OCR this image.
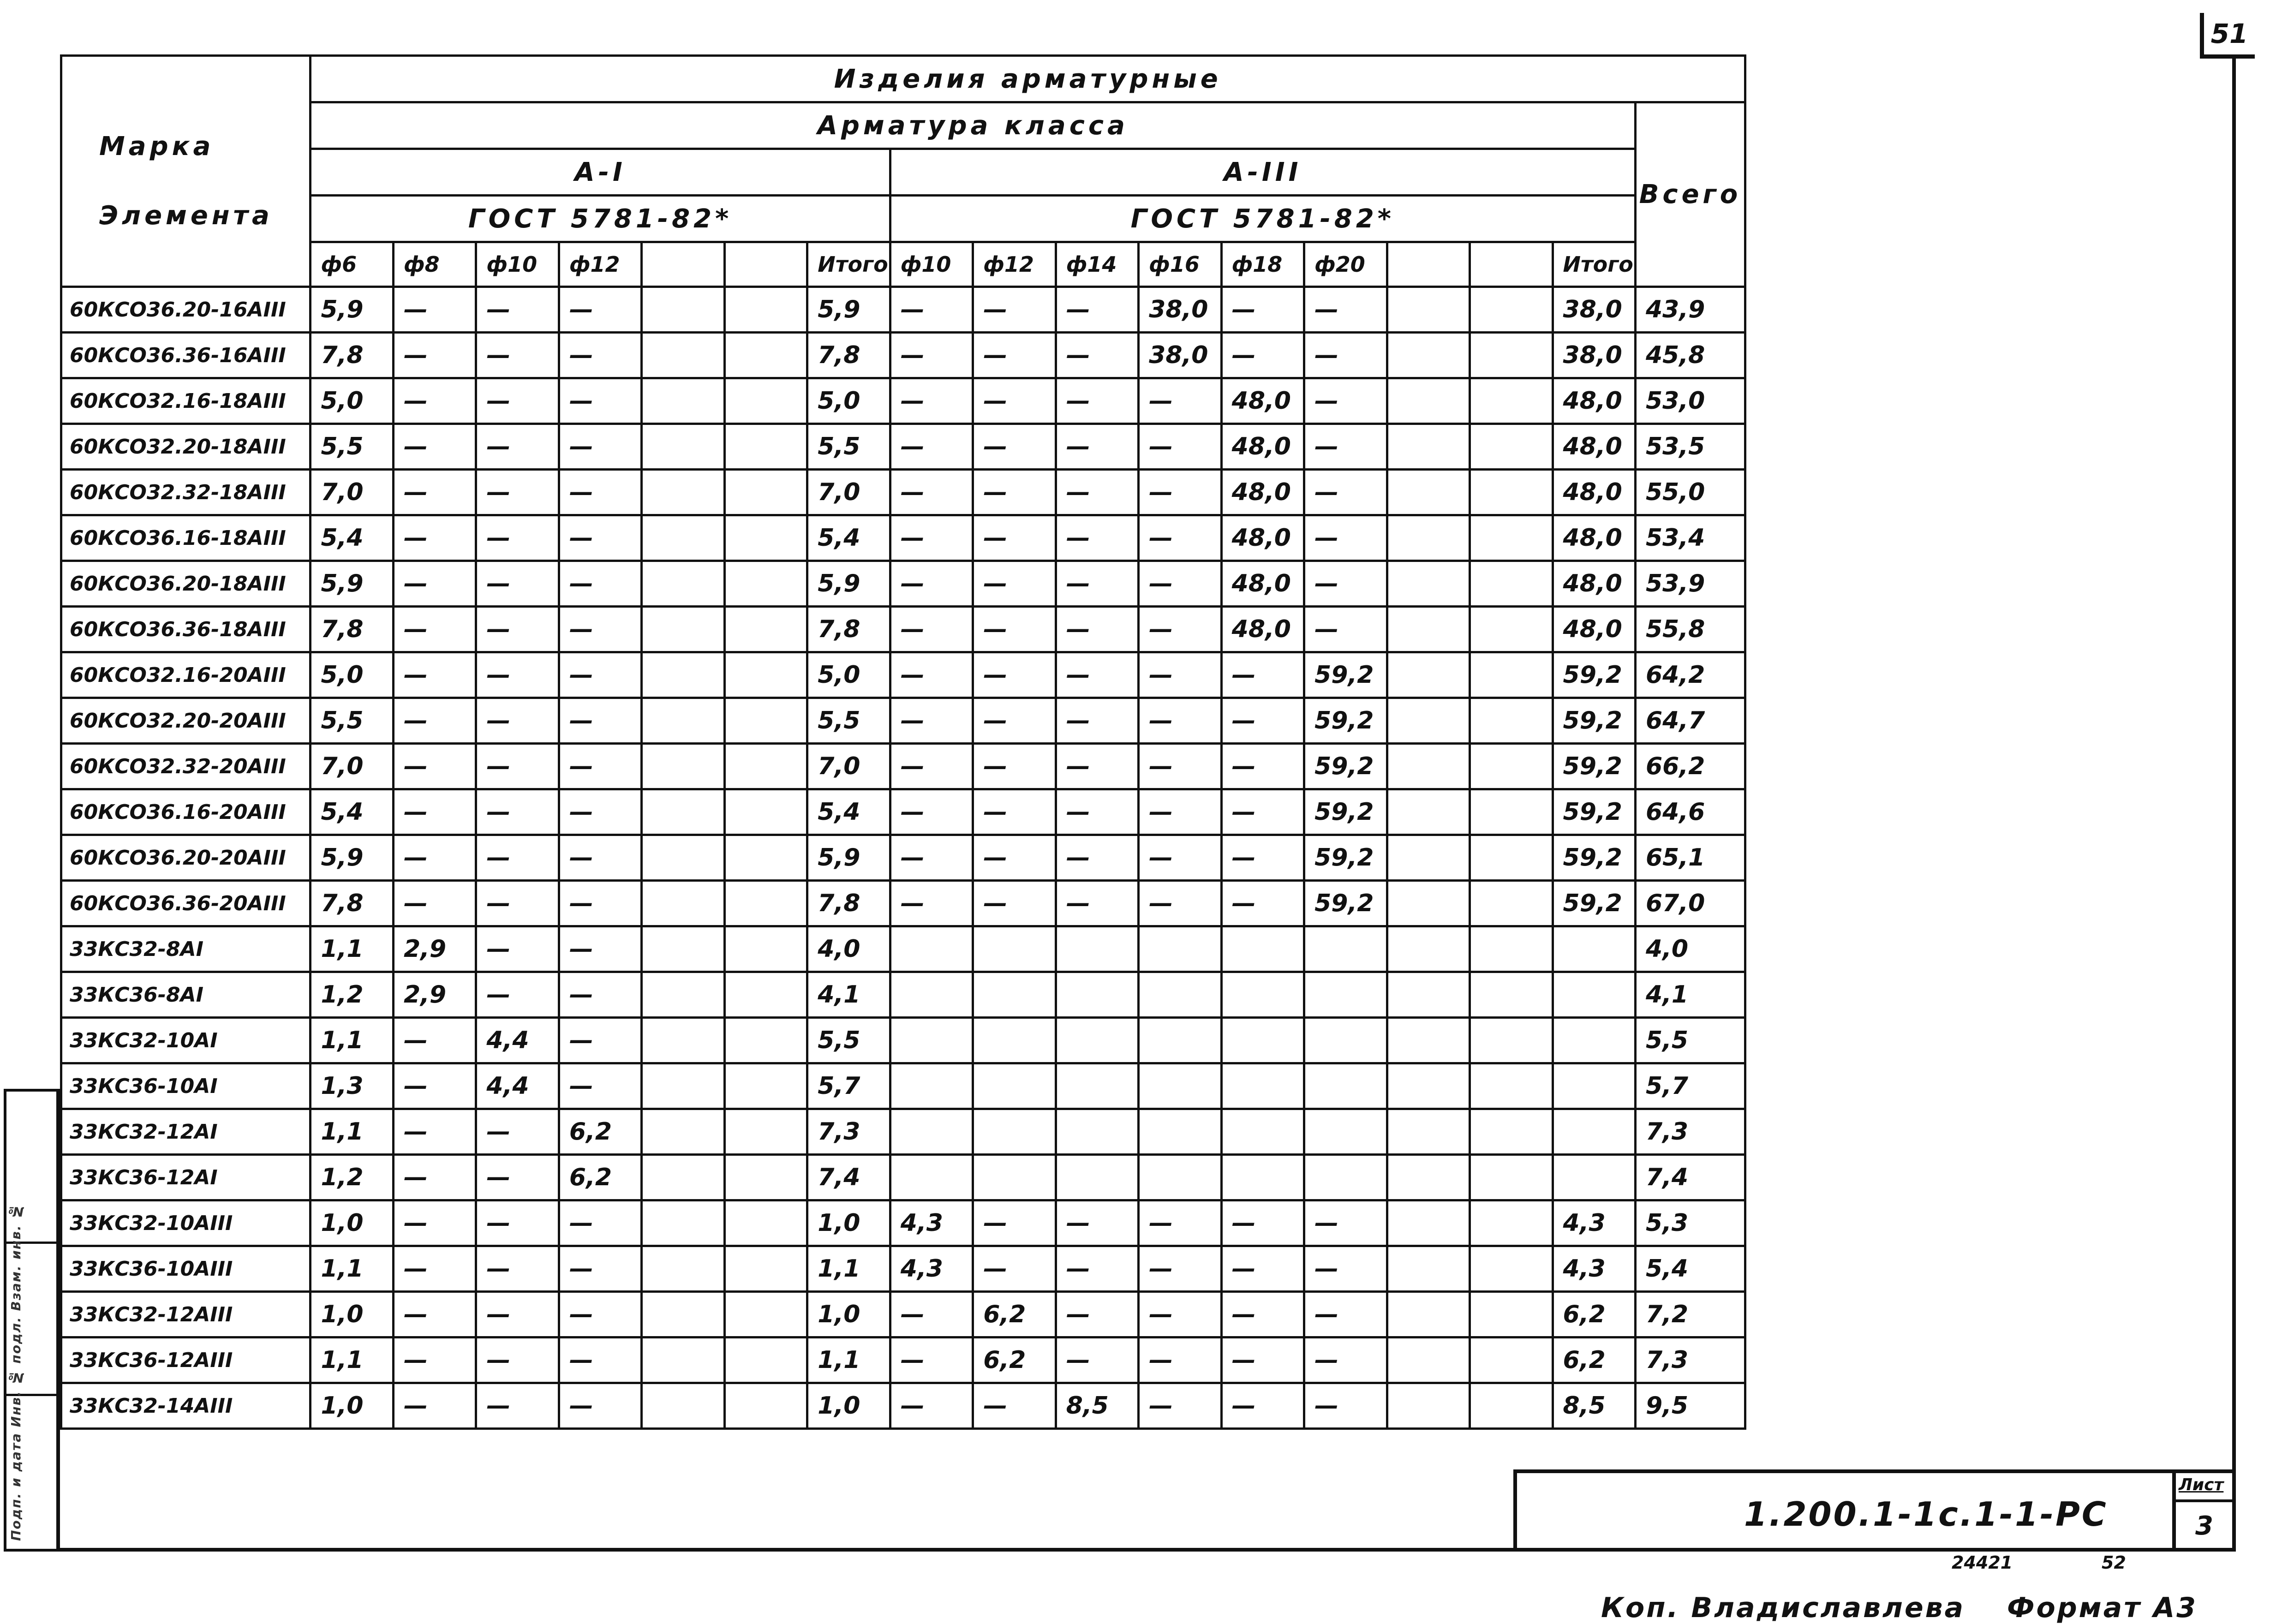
51
Подп. и дата Инв. № подл. Взам. инв. №
Марка
Элемента	Изделия арматурные																
	Арматура класса																Всего
	А-I							А-III									
	ГОСТ 5781-82*							ГОСТ 5781-82*									
	ф6	ф8	ф10	ф12			Итого	ф10	ф12	ф14	ф16	ф18	ф20			Итого	
60КСО36.20-16АIII	5,9	—	—	—			5,9	—	—	—	38,0	—	—			38,0	43,9
60КСО36.36-16АIII	7,8	—	—	—			7,8	—	—	—	38,0	—	—			38,0	45,8
60КСО32.16-18АIII	5,0	—	—	—			5,0	—	—	—	—	48,0	—			48,0	53,0
60КСО32.20-18АIII	5,5	—	—	—			5,5	—	—	—	—	48,0	—			48,0	53,5
60КСО32.32-18АIII	7,0	—	—	—			7,0	—	—	—	—	48,0	—			48,0	55,0
60КСО36.16-18АIII	5,4	—	—	—			5,4	—	—	—	—	48,0	—			48,0	53,4
60КСО36.20-18АIII	5,9	—	—	—			5,9	—	—	—	—	48,0	—			48,0	53,9
60КСО36.36-18АIII	7,8	—	—	—			7,8	—	—	—	—	48,0	—			48,0	55,8
60КСО32.16-20АIII	5,0	—	—	—			5,0	—	—	—	—	—	59,2			59,2	64,2
60КСО32.20-20АIII	5,5	—	—	—			5,5	—	—	—	—	—	59,2			59,2	64,7
60КСО32.32-20АIII	7,0	—	—	—			7,0	—	—	—	—	—	59,2			59,2	66,2
60КСО36.16-20АIII	5,4	—	—	—			5,4	—	—	—	—	—	59,2			59,2	64,6
60КСО36.20-20АIII	5,9	—	—	—			5,9	—	—	—	—	—	59,2			59,2	65,1
60КСО36.36-20АIII	7,8	—	—	—			7,8	—	—	—	—	—	59,2			59,2	67,0
33КС32-8АI	1,1	2,9	—	—			4,0										4,0
33КС36-8АI	1,2	2,9	—	—			4,1										4,1
33КС32-10АI	1,1	—	4,4	—			5,5										5,5
33КС36-10АI	1,3	—	4,4	—			5,7										5,7
33КС32-12АI	1,1	—	—	6,2			7,3										7,3
33КС36-12АI	1,2	—	—	6,2			7,4										7,4
33КС32-10АIII	1,0	—	—	—			1,0	4,3	—	—	—	—	—			4,3	5,3
33КС36-10АIII	1,1	—	—	—			1,1	4,3	—	—	—	—	—			4,3	5,4
33КС32-12АIII	1,0	—	—	—			1,0	—	6,2	—	—	—	—			6,2	7,2
33КС36-12АIII	1,1	—	—	—			1,1	—	6,2	—	—	—	—			6,2	7,3
33КС32-14АIII	1,0	—	—	—			1,0	—	—	8,5	—	—	—			8,5	9,5
1.200.1-1с.1-1-РС
Лист
3
24421	52
Коп. Владиславлева Формат А3
